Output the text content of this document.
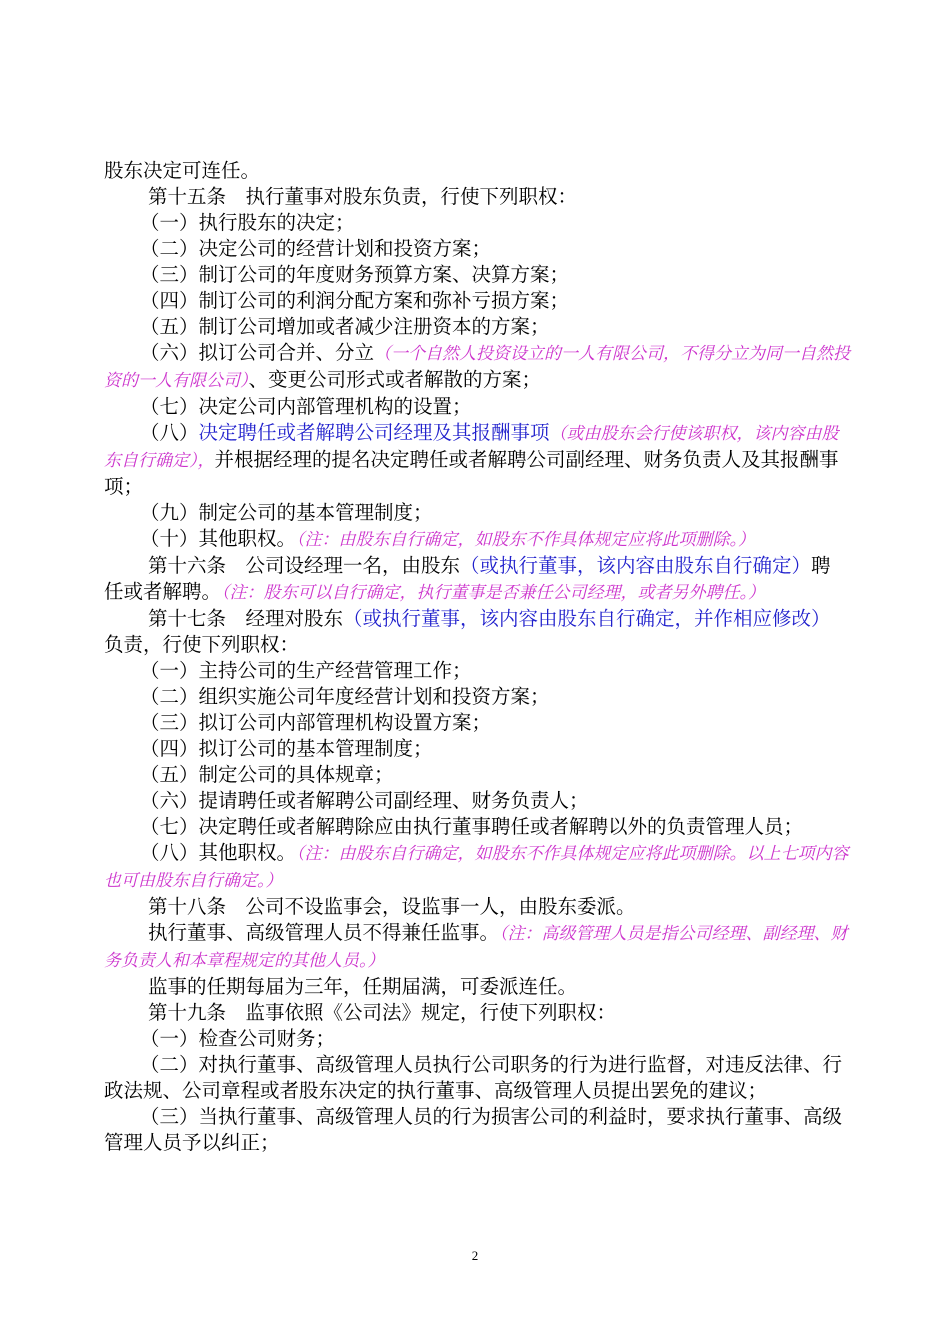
股东决定可连任。

第十五条　执行董事对股东负责，行使下列职权：

（一）执行股东的决定；

（二）决定公司的经营计划和投资方案；

（三）制订公司的年度财务预算方案、决算方案；

（四）制订公司的利润分配方案和弥补亏损方案；

（五）制订公司增加或者减少注册资本的方案；

（六）拟订公司合并、分立（一个自然人投资设立的一人有限公司，不得分立为同一自然投资的一人有限公司）、变更公司形式或者解散的方案；

（七）决定公司内部管理机构的设置；

（八）决定聘任或者解聘公司经理及其报酬事项（或由股东会行使该职权，该内容由股东自行确定），并根据经理的提名决定聘任或者解聘公司副经理、财务负责人及其报酬事项；

（九）制定公司的基本管理制度；

（十）其他职权。（注：由股东自行确定，如股东不作具体规定应将此项删除。）

第十六条　公司设经理一名，由股东（或执行董事，该内容由股东自行确定）聘任或者解聘。（注：股东可以自行确定，执行董事是否兼任公司经理，或者另外聘任。）

第十七条　经理对股东（或执行董事，该内容由股东自行确定，并作相应修改）负责，行使下列职权：

（一）主持公司的生产经营管理工作；

（二）组织实施公司年度经营计划和投资方案；

（三）拟订公司内部管理机构设置方案；

（四）拟订公司的基本管理制度；

（五）制定公司的具体规章；

（六）提请聘任或者解聘公司副经理、财务负责人；

（七）决定聘任或者解聘除应由执行董事聘任或者解聘以外的负责管理人员；

（八）其他职权。（注：由股东自行确定，如股东不作具体规定应将此项删除。以上七项内容也可由股东自行确定。）

第十八条　公司不设监事会，设监事一人，由股东委派。

执行董事、高级管理人员不得兼任监事。（注：高级管理人员是指公司经理、副经理、财务负责人和本章程规定的其他人员。）

监事的任期每届为三年，任期届满，可委派连任。

第十九条　监事依照《公司法》规定，行使下列职权：

（一）检查公司财务；

（二）对执行董事、高级管理人员执行公司职务的行为进行监督，对违反法律、行政法规、公司章程或者股东决定的执行董事、高级管理人员提出罢免的建议；

（三）当执行董事、高级管理人员的行为损害公司的利益时，要求执行董事、高级管理人员予以纠正；

2
